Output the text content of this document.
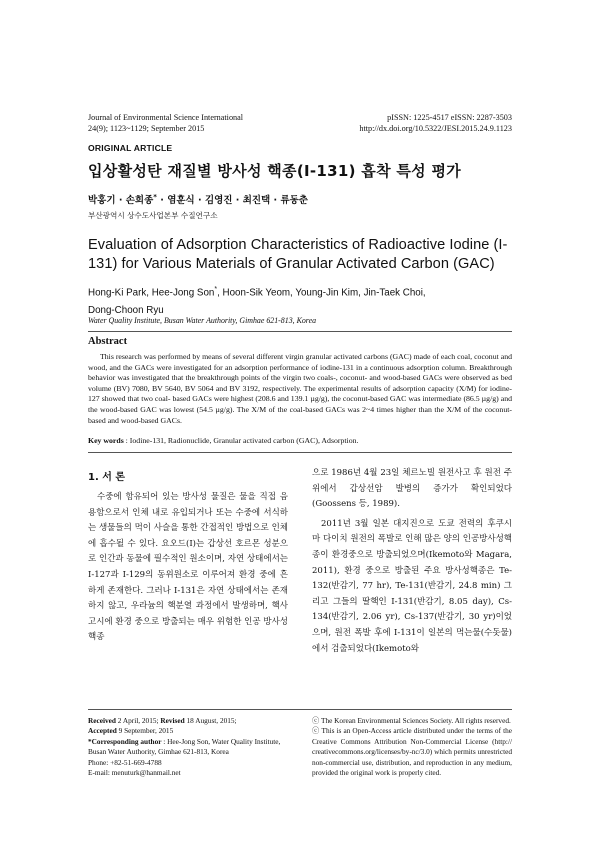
Journal of Environmental Science International
24(9); 1123~1129; September 2015
pISSN: 1225-4517 eISSN: 2287-3503
http://dx.doi.org/10.5322/JESI.2015.24.9.1123
ORIGINAL ARTICLE
입상활성탄 재질별 방사성 핵종(I-131) 흡착 특성 평가
박홍기 · 손희종* · 염훈식 · 김영진 · 최진택 · 류동춘
부산광역시 상수도사업본부 수질연구소
Evaluation of Adsorption Characteristics of Radioactive Iodine (I-131) for Various Materials of Granular Activated Carbon (GAC)
Hong-Ki Park, Hee-Jong Son*, Hoon-Sik Yeom, Young-Jin Kim, Jin-Taek Choi,
Dong-Choon Ryu
Water Quality Institute, Busan Water Authority, Gimhae 621-813, Korea
Abstract
This research was performed by means of several different virgin granular activated carbons (GAC) made of each coal, coconut and wood, and the GACs were investigated for an adsorption performance of iodine-131 in a continuous adsorption column. Breakthrough behavior was investigated that the breakthrough points of the virgin two coals-, coconut- and wood-based GACs were observed as bed volume (BV) 7080, BV 5640, BV 5064 and BV 3192, respectively. The experimental results of adsorption capacity (X/M) for iodine-127 showed that two coal- based GACs were highest (208.6 and 139.1 µg/g), the coconut-based GAC was intermediate (86.5 µg/g) and the wood-based GAC was lowest (54.5 µg/g). The X/M of the coal-based GACs was 2~4 times higher than the X/M of the coconut-based and wood-based GACs.
Key words : Iodine-131, Radionuclide, Granular activated carbon (GAC), Adsorption.
1. 서 론

수중에 함유되어 있는 방사성 물질은 물을 직접 음용함으로서 인체 내로 유입되거나 또는 수중에 서식하는 생물들의 먹이 사슬을 통한 간접적인 방법으로 인체에 흡수될 수 있다. 요오드(I)는 갑상선 호르몬 성분으로 인간과 동물에 필수적인 원소이며, 자연 상태에서는 I-127과 I-129의 동위원소로 이루어져 환경 중에 흔하게 존재한다. 그러나 I-131은 자연 상태에서는 존재하지 않고, 우라늄의 핵분열 과정에서 발생하며, 핵사고시에 환경 중으로 방출되는 매우 위험한 인공 방사성핵종

으로 1986년 4월 23일 체르노빌 원전사고 후 원전 주위에서 갑상선암 발병의 증가가 확인되었다(Goossens 등, 1989).

2011년 3월 일본 대지진으로 도쿄 전력의 후쿠시마 다이치 원전의 폭발로 인해 많은 양의 인공방사성핵종이 환경중으로 방출되었으며(Ikemoto와 Magara, 2011), 환경 중으로 방출된 주요 방사성핵종은 Te-132(반감기, 77 hr), Te-131(반감기, 24.8 min) 그리고 그들의 딸핵인 I-131(반감기, 8.05 day), Cs-134(반감기, 2.06 yr), Cs-137(반감기, 30 yr)이었으며, 원전 폭발 후에 I-131이 일본의 먹는물(수돗물)에서 검출되었다(Ikemoto와

Received 2 April, 2015; Revised 18 August, 2015;
Accepted 9 September, 2015
*Corresponding author : Hee-Jong Son, Water Quality Institute, Busan Water Authority, Gimhae 621-813, Korea
Phone: +82-51-669-4788
E-mail: menuturk@hanmail.net
ⓒ The Korean Environmental Sciences Society. All rights reserved.
ⓒ This is an Open-Access article distributed under the terms of the Creative Commons Attribution Non-Commercial License (http:// creativecommons.org/licenses/by-nc/3.0) which permits unrestricted non-commercial use, distribution, and reproduction in any medium, provided the original work is properly cited.
